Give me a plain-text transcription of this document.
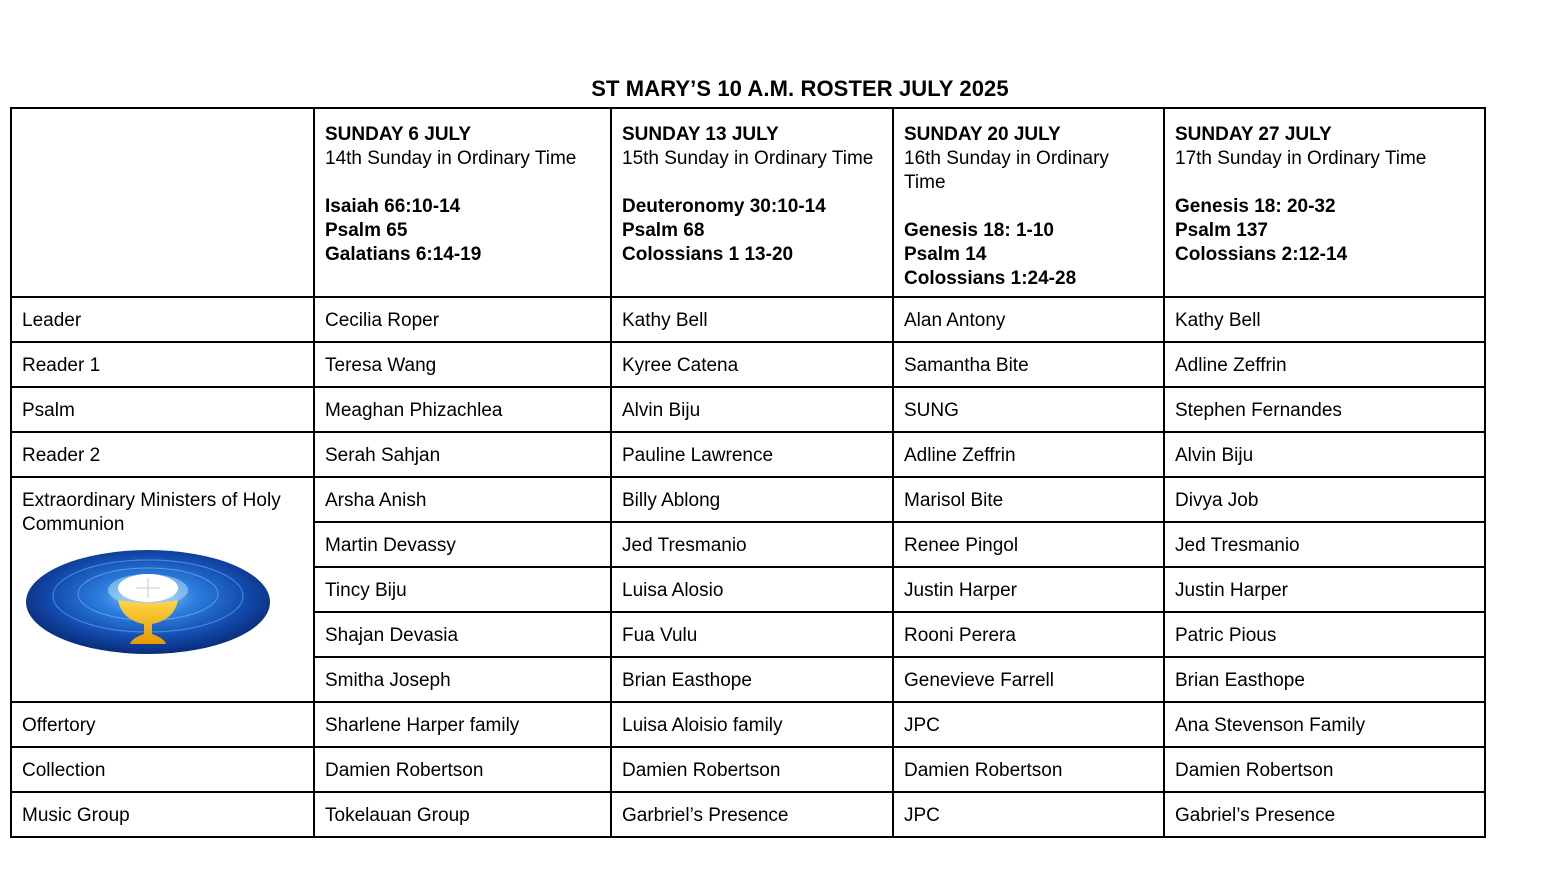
ST MARY’S 10 A.M. ROSTER JULY 2025

	SUNDAY 6 JULY
14th Sunday in Ordinary Time
Isaiah 66:10-14
Psalm 65
Galatians 6:14-19	SUNDAY 13 JULY
15th Sunday in Ordinary Time
Deuteronomy 30:10-14
Psalm 68
Colossians 1 13-20	SUNDAY 20 JULY
16th Sunday in Ordinary Time
Genesis 18: 1-10
Psalm 14
Colossians 1:24-28	SUNDAY 27 JULY
17th Sunday in Ordinary Time
Genesis 18: 20-32
Psalm 137
Colossians 2:12-14

Leader	Cecilia Roper	Kathy Bell	Alan Antony	Kathy Bell
Reader 1	Teresa Wang	Kyree Catena	Samantha Bite	Adline Zeffrin
Psalm	Meaghan Phizachlea	Alvin Biju	SUNG	Stephen Fernandes
Reader 2	Serah Sahjan	Pauline Lawrence	Adline Zeffrin	Alvin Biju

Extraordinary Ministers of Holy Communion	Arsha Anish	Billy Ablong	Marisol Bite	Divya Job
	Martin Devassy	Jed Tresmanio	Renee Pingol	Jed Tresmanio
	Tincy Biju	Luisa Alosio	Justin Harper	Justin Harper
	Shajan Devasia	Fua Vulu	Rooni Perera	Patric Pious
	Smitha Joseph	Brian Easthope	Genevieve Farrell	Brian Easthope
Offertory	Sharlene Harper family	Luisa Aloisio family	JPC	Ana Stevenson Family
Collection	Damien Robertson	Damien Robertson	Damien Robertson	Damien Robertson
Music Group	Tokelauan Group	Garbriel’s Presence	JPC	Gabriel’s Presence
